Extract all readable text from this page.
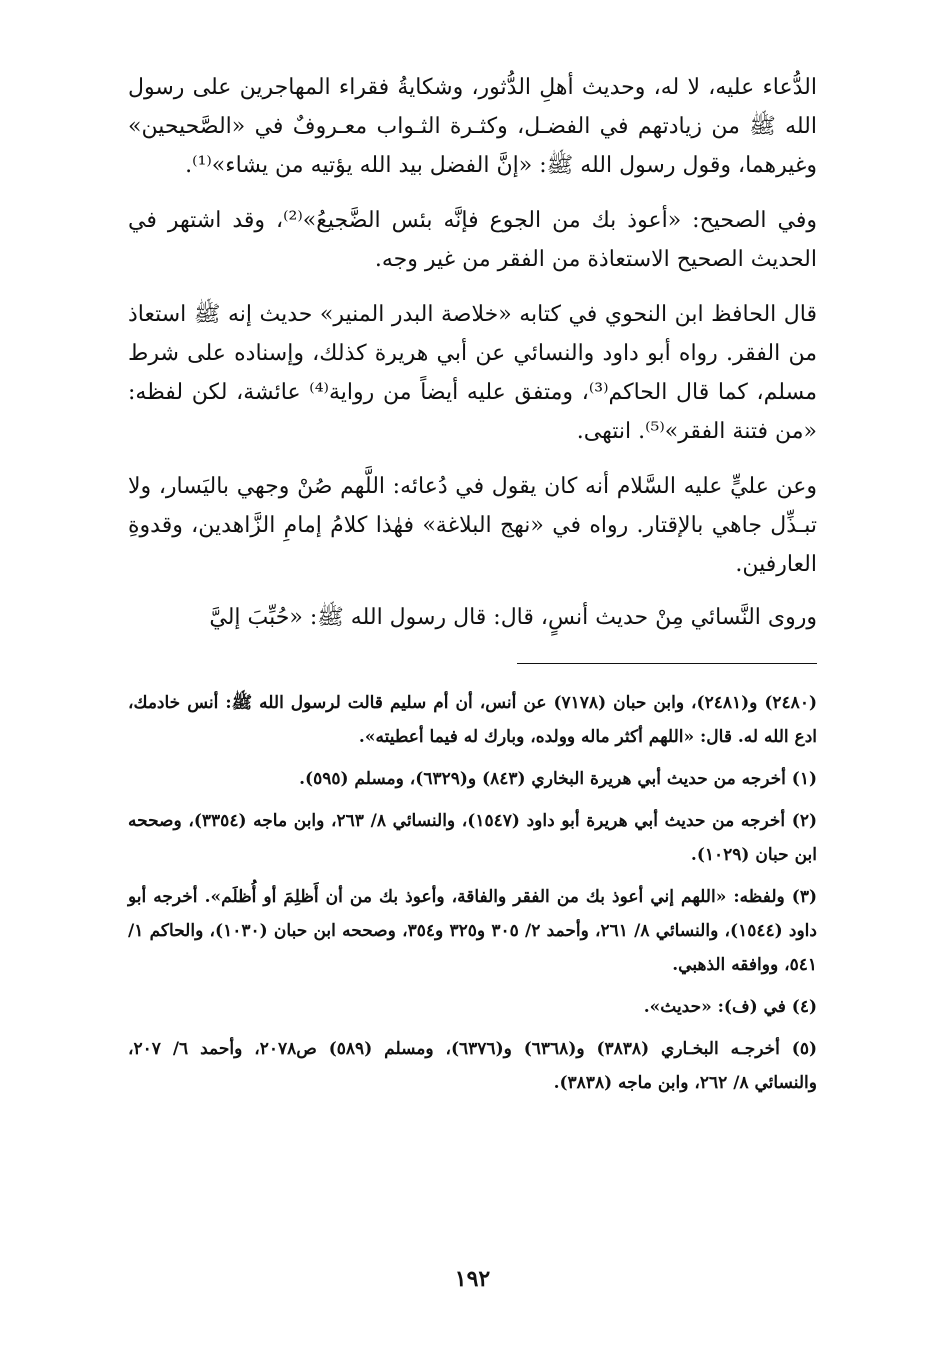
الدُّعاء عليه، لا له، وحديث أهلِ الدُّثور، وشكايةُ فقراء المهاجرين على رسول الله ﷺ من زيادتهم في الفضـل، وكثـرة الثـواب معـروفٌ في «الصَّحيحين» وغيرهما، وقول رسول الله ﷺ: «إنَّ الفضل بيد الله يؤتيه من يشاء»⁽¹⁾.

وفي الصحيح: «أعوذ بك من الجوع فإنَّه بئس الضَّجيعُ»⁽²⁾، وقد اشتهر في الحديث الصحيح الاستعاذة من الفقر من غير وجه.

قال الحافظ ابن النحوي في كتابه «خلاصة البدر المنير» حديث إنه ﷺ استعاذ من الفقر. رواه أبو داود والنسائي عن أبي هريرة كذلك، وإسناده على شرط مسلم، كما قال الحاكم⁽³⁾، ومتفق عليه أيضاً من رواية⁽⁴⁾ عائشة، لكن لفظه: «من فتنة الفقر»⁽⁵⁾. انتهى.

وعن عليٍّ عليه السَّلام أنه كان يقول في دُعائه: اللَّهم صُنْ وجهي باليَسار، ولا تبـذِّل جاهي بالإقتار. رواه في «نهج البلاغة» فهٰذا كلامُ إمامِ الزَّاهدين، وقدوةِ العارفين.

وروى النَّسائي مِنْ حديث أنسٍ، قال: قال رسول الله ﷺ: «حُبِّبَ إليَّ

(٢٤٨٠) و(٢٤٨١)، وابن حبان (٧١٧٨) عن أنس، أن أم سليم قالت لرسول الله ﷺ: أنس خادمك، ادع الله له. قال: «اللهم أكثر ماله وولده، وبارك له فيما أعطيته».

(١) أخرجه من حديث أبي هريرة البخاري (٨٤٣) و(٦٣٢٩)، ومسلم (٥٩٥).

(٢) أخرجه من حديث أبي هريرة أبو داود (١٥٤٧)، والنسائي ٨/ ٢٦٣، وابن ماجه (٣٣٥٤)، وصححه ابن حبان (١٠٢٩).

(٣) ولفظه: «اللهم إني أعوذ بك من الفقر والفاقة، وأعوذ بك من أن أَظلِمَ أو أُظلَم». أخرجه أبو داود (١٥٤٤)، والنسائي ٨/ ٢٦١، وأحمد ٢/ ٣٠٥ و٣٢٥ و٣٥٤، وصححه ابن حبان (١٠٣٠)، والحاكم ١/ ٥٤١، ووافقه الذهبي.

(٤) في (ف): «حديث».

(٥) أخرجـه البخـاري (٣٨٣٨) و(٦٣٦٨) و(٦٣٧٦)، ومسلم (٥٨٩) ص٢٠٧٨، وأحمد ٦/ ٢٠٧، والنسائي ٨/ ٢٦٢، وابن ماجه (٣٨٣٨).

١٩٢
